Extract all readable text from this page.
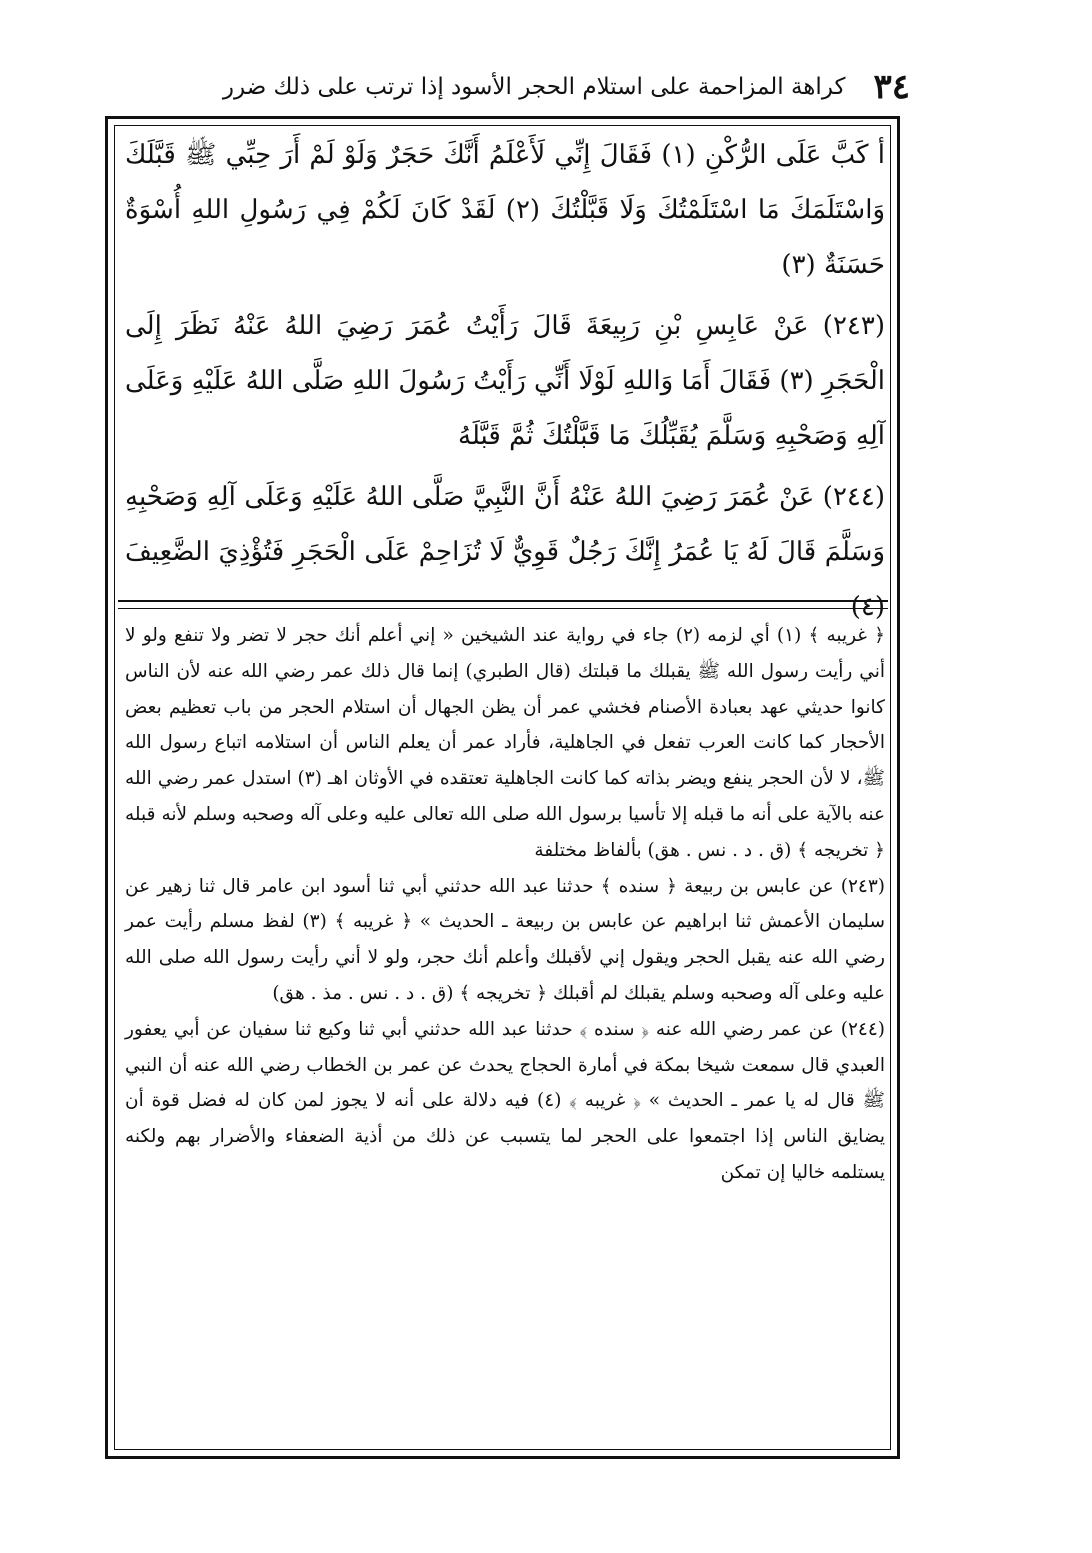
٣٤
كراهة المزاحمة على استلام الحجر الأسود إذا ترتب على ذلك ضرر

أ كَبَّ عَلَى الرُّكْنِ (١) فَقَالَ إِنِّي لَأَعْلَمُ أَنَّكَ حَجَرٌ وَلَوْ لَمْ أَرَ حِبِّي ﷺ قَبَّلَكَ وَاسْتَلَمَكَ مَا اسْتَلَمْتُكَ وَلَا قَبَّلْتُكَ (٢) لَقَدْ كَانَ لَكُمْ فِي رَسُولِ اللهِ أُسْوَةٌ حَسَنَةٌ (٣)

(٢٤٣) عَنْ عَابِسِ بْنِ رَبِيعَةَ قَالَ رَأَيْتُ عُمَرَ رَضِيَ اللهُ عَنْهُ نَظَرَ إِلَى الْحَجَرِ (٣) فَقَالَ أَمَا وَاللهِ لَوْلَا أَنِّي رَأَيْتُ رَسُولَ اللهِ صَلَّى اللهُ عَلَيْهِ وَعَلَى آلِهِ وَصَحْبِهِ وَسَلَّمَ يُقَبِّلُكَ مَا قَبَّلْتُكَ ثُمَّ قَبَّلَهُ

(٢٤٤) عَنْ عُمَرَ رَضِيَ اللهُ عَنْهُ أَنَّ النَّبِيَّ صَلَّى اللهُ عَلَيْهِ وَعَلَى آلِهِ وَصَحْبِهِ وَسَلَّمَ قَالَ لَهُ يَا عُمَرُ إِنَّكَ رَجُلٌ قَوِيٌّ لَا تُزَاحِمْ عَلَى الْحَجَرِ فَتُؤْذِيَ الضَّعِيفَ (٤)

﴿ غريبه ﴾ (١) أي لزمه (٢) جاء في رواية عند الشيخين « إني أعلم أنك حجر لا تضر ولا تنفع ولو لا أني رأيت رسول الله ﷺ يقبلك ما قبلتك (قال الطبري) إنما قال ذلك عمر رضي الله عنه لأن الناس كانوا حديثي عهد بعبادة الأصنام فخشي عمر أن يظن الجهال أن استلام الحجر من باب تعظيم بعض الأحجار كما كانت العرب تفعل في الجاهلية، فأراد عمر أن يعلم الناس أن استلامه اتباع رسول الله ﷺ، لا لأن الحجر ينفع ويضر بذاته كما كانت الجاهلية تعتقده في الأوثان اهـ (٣) استدل عمر رضي الله عنه بالآية على أنه ما قبله إلا تأسيا برسول الله صلى الله تعالى عليه وعلى آله وصحبه وسلم لأنه قبله ﴿ تخريجه ﴾ (ق . د . نس . هق) بألفاظ مختلفة

(٢٤٣) عن عابس بن ربيعة ﴿ سنده ﴾ حدثنا عبد الله حدثني أبي ثنا أسود ابن عامر قال ثنا زهير عن سليمان الأعمش ثنا ابراهيم عن عابس بن ربيعة ـ الحديث » ﴿ غريبه ﴾ (٣) لفظ مسلم رأيت عمر رضي الله عنه يقبل الحجر ويقول إني لأقبلك وأعلم أنك حجر، ولو لا أني رأيت رسول الله صلى الله عليه وعلى آله وصحبه وسلم يقبلك لم أقبلك ﴿ تخريجه ﴾ (ق . د . نس . مذ . هق)

(٢٤٤) عن عمر رضي الله عنه ﴿ سنده ﴾ حدثنا عبد الله حدثني أبي ثنا وكيع ثنا سفيان عن أبي يعفور العبدي قال سمعت شيخا بمكة في أمارة الحجاج يحدث عن عمر بن الخطاب رضي الله عنه أن النبي ﷺ قال له يا عمر ـ الحديث » ﴿ غريبه ﴾ (٤) فيه دلالة على أنه لا يجوز لمن كان له فضل قوة أن يضايق الناس إذا اجتمعوا على الحجر لما يتسبب عن ذلك من أذية الضعفاء والأضرار بهم ولكنه يستلمه خاليا إن تمكن
